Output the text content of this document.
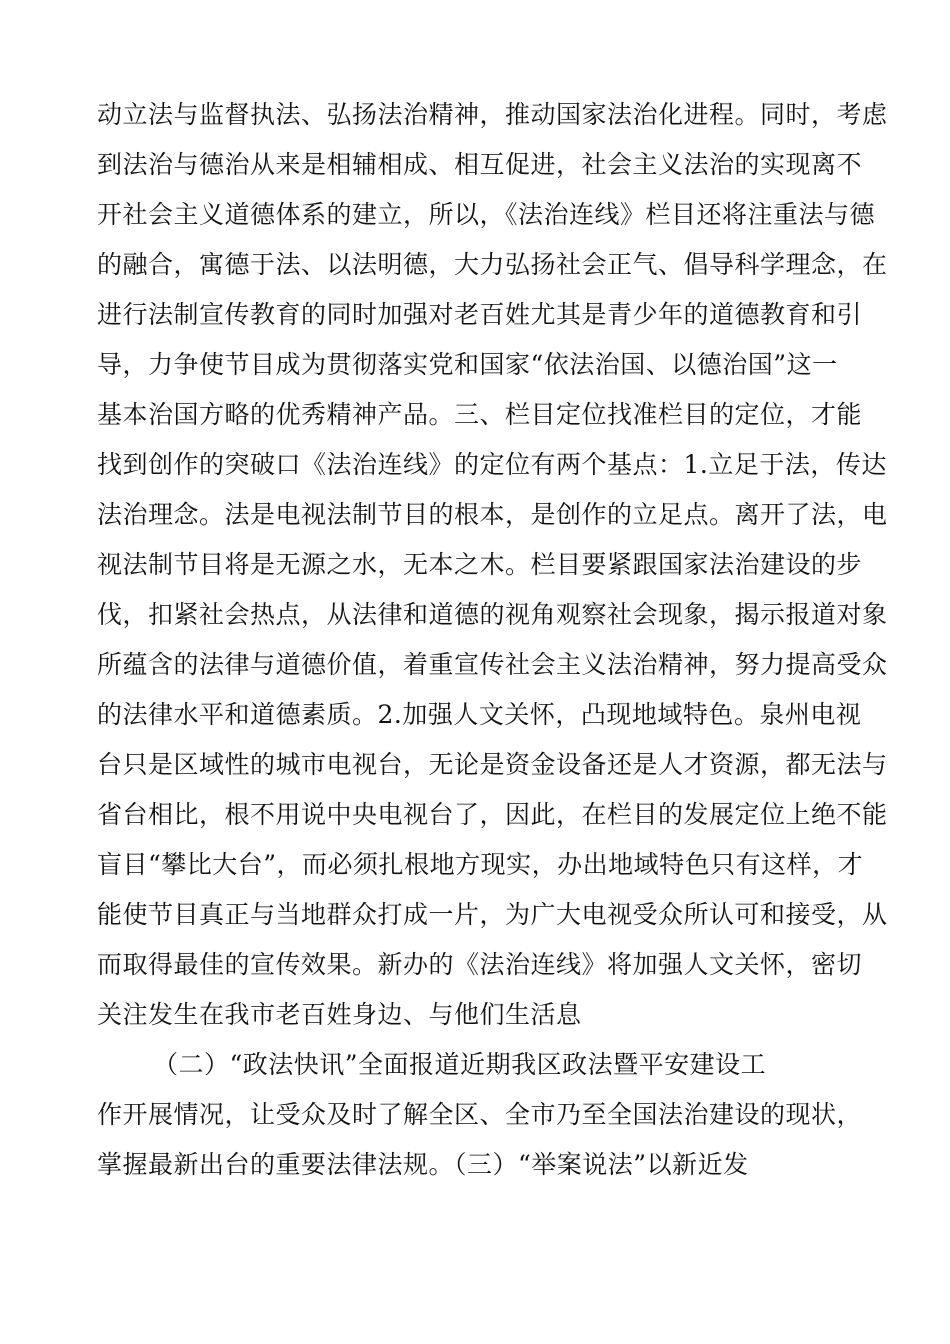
动立法与监督执法、弘扬法治精神，推动国家法治化进程。同时，考虑
到法治与德治从来是相辅相成、相互促进，社会主义法治的实现离不
开社会主义道德体系的建立，所以，《法治连线》栏目还将注重法与德
的融合，寓德于法、以法明德，大力弘扬社会正气、倡导科学理念，在
进行法制宣传教育的同时加强对老百姓尤其是青少年的道德教育和引
导，力争使节目成为贯彻落实党和国家“依法治国、以德治国”这一
基本治国方略的优秀精神产品。三、栏目定位找准栏目的定位，才能
找到创作的突破口《法治连线》的定位有两个基点：1.立足于法，传达
法治理念。法是电视法制节目的根本，是创作的立足点。离开了法，电
视法制节目将是无源之水，无本之木。栏目要紧跟国家法治建设的步
伐，扣紧社会热点，从法律和道德的视角观察社会现象，揭示报道对象
所蕴含的法律与道德价值，着重宣传社会主义法治精神，努力提高受众
的法律水平和道德素质。2.加强人文关怀，凸现地域特色。泉州电视
台只是区域性的城市电视台，无论是资金设备还是人才资源，都无法与
省台相比，根不用说中央电视台了，因此，在栏目的发展定位上绝不能
盲目“攀比大台”，而必须扎根地方现实，办出地域特色只有这样，才
能使节目真正与当地群众打成一片，为广大电视受众所认可和接受，从
而取得最佳的宣传效果。新办的《法治连线》将加强人文关怀，密切
关注发生在我市老百姓身边、与他们生活息
（二）“政法快讯”全面报道近期我区政法暨平安建设工
作开展情况，让受众及时了解全区、全市乃至全国法治建设的现状，
掌握最新出台的重要法律法规。（三）“举案说法”以新近发
